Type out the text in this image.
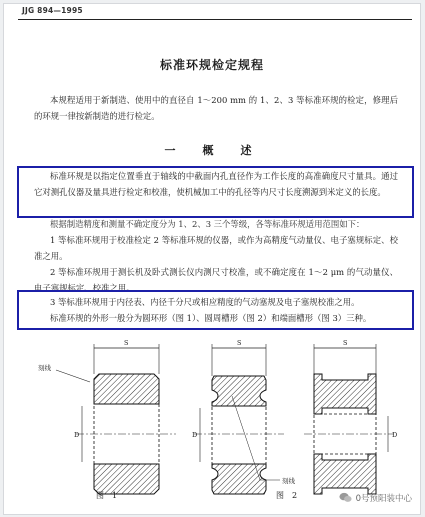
JJG 894—1995
标准环规检定规程

本规程适用于新制造、使用中的直径自 1～200 mm 的 1、2、3 等标准环规的检定，修理后的环规一律按新制造的进行检定。

一　概　述

标准环规是以指定位置垂直于轴线的中截面内孔直径作为工作长度的高准确度尺寸量具。通过它对测孔仪器及量具进行检定和校准，使机械加工中的孔径等内尺寸长度溯源到米定义的长度。

根据制造精度和测量不确定度分为 1、2、3 三个等级，各等标准环规适用范围如下：

1 等标准环规用于校准检定 2 等标准环规的仪器，或作为高精度气动量仪、电子塞规标定、校准之用。

2 等标准环规用于测长机及卧式测长仪内测尺寸校准，或不确定度在 1～2 μm 的气动量仪、电子塞规标定、校准之用。

3 等标准环规用于内径表、内径千分尺或相应精度的气动塞规及电子塞规校准之用。

标准环规的外形一般分为圆环形（图 1）、圆周槽形（图 2）和端面槽形（图 3）三种。

S
D
刻线
S
D
刻线
S
D
图　1	图　2	0号预阳装中心
